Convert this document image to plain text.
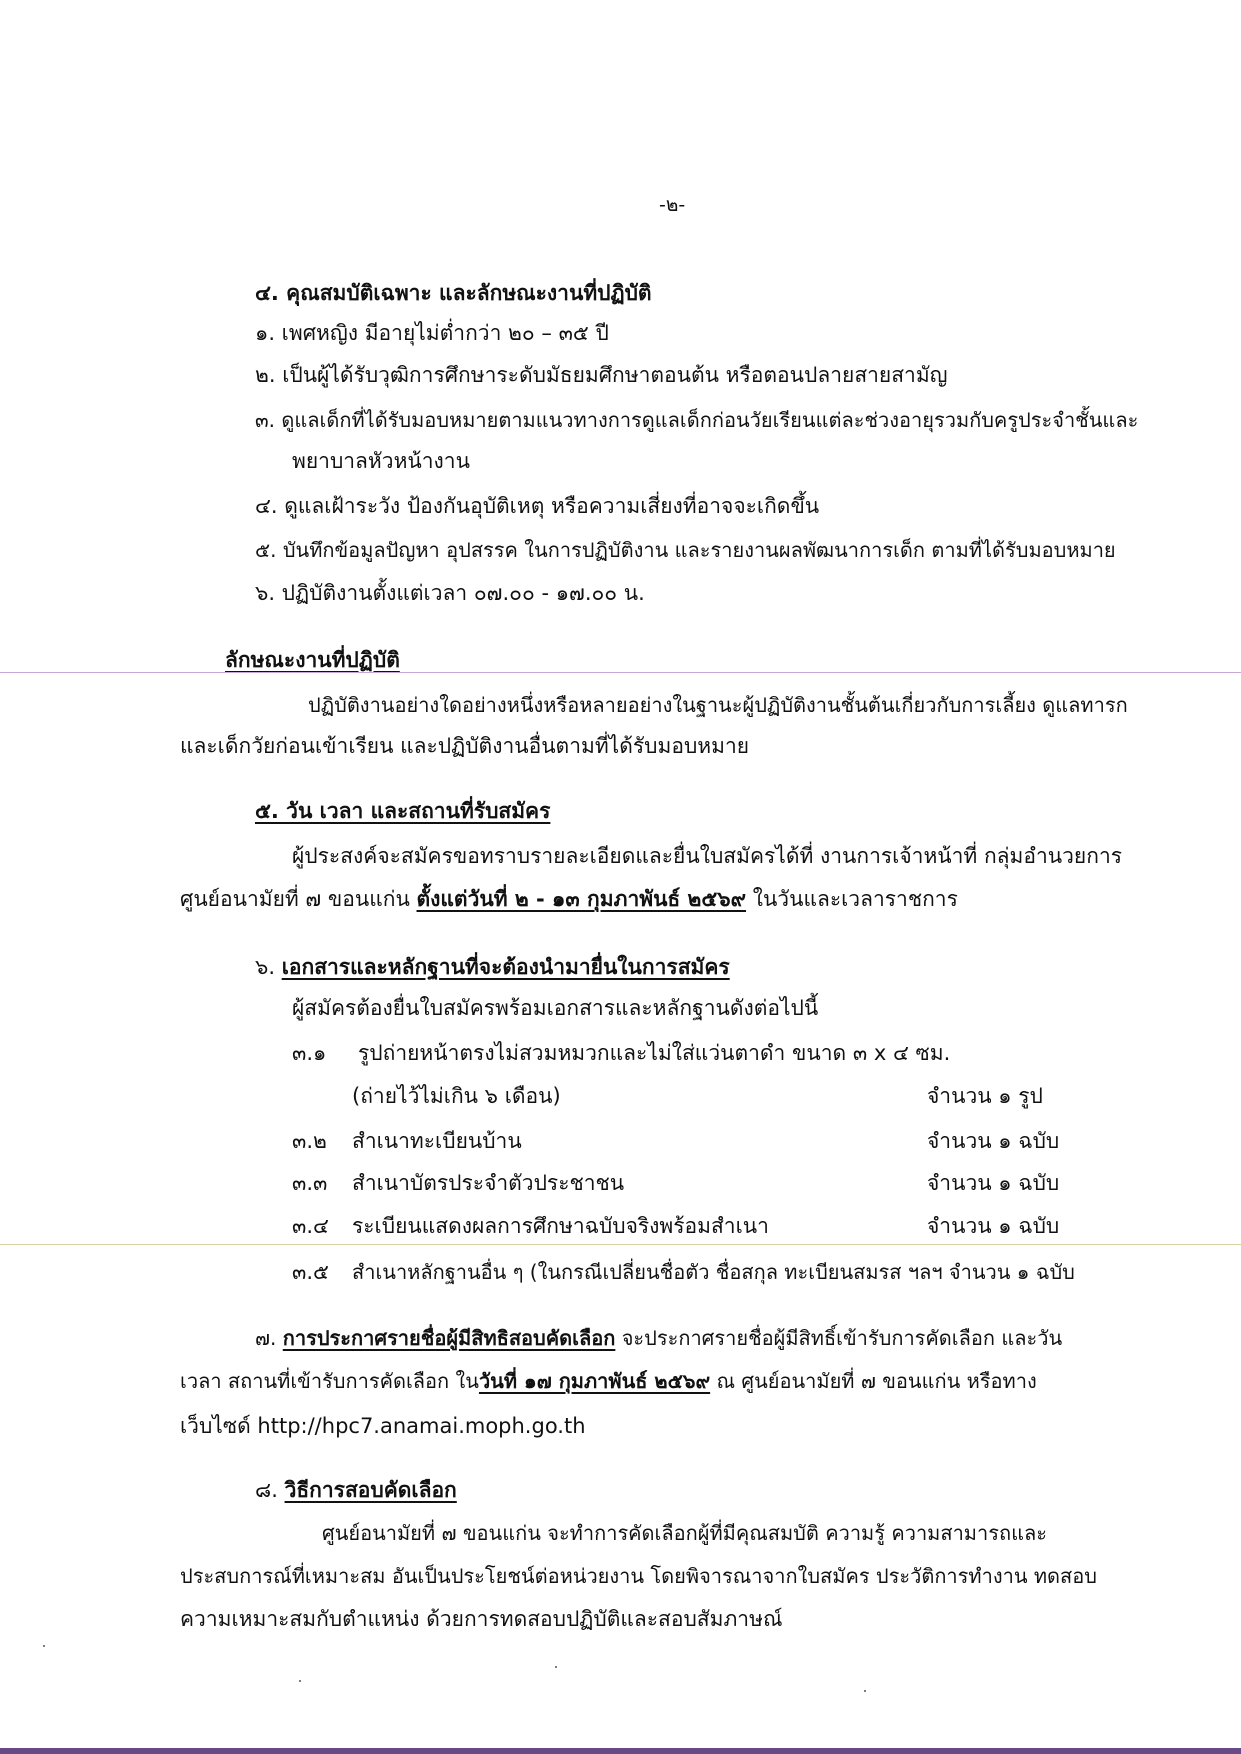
-๒-
๔. คุณสมบัติเฉพาะ และลักษณะงานที่ปฏิบัติ
๑. เพศหญิง มีอายุไม่ต่ำกว่า ๒๐ – ๓๕ ปี
๒. เป็นผู้ได้รับวุฒิการศึกษาระดับมัธยมศึกษาตอนต้น หรือตอนปลายสายสามัญ
๓. ดูแลเด็กที่ได้รับมอบหมายตามแนวทางการดูแลเด็กก่อนวัยเรียนแต่ละช่วงอายุรวมกับครูประจำชั้นและ
พยาบาลหัวหน้างาน
๔. ดูแลเฝ้าระวัง ป้องกันอุบัติเหตุ หรือความเสี่ยงที่อาจจะเกิดขึ้น
๕. บันทึกข้อมูลปัญหา อุปสรรค ในการปฏิบัติงาน และรายงานผลพัฒนาการเด็ก ตามที่ได้รับมอบหมาย
๖. ปฏิบัติงานตั้งแต่เวลา ๐๗.๐๐ - ๑๗.๐๐ น.
ลักษณะงานที่ปฏิบัติ
ปฏิบัติงานอย่างใดอย่างหนึ่งหรือหลายอย่างในฐานะผู้ปฏิบัติงานชั้นต้นเกี่ยวกับการเลี้ยง ดูแลทารก
และเด็กวัยก่อนเข้าเรียน และปฏิบัติงานอื่นตามที่ได้รับมอบหมาย
๕. วัน เวลา และสถานที่รับสมัคร
ผู้ประสงค์จะสมัครขอทราบรายละเอียดและยื่นใบสมัครได้ที่ งานการเจ้าหน้าที่ กลุ่มอำนวยการ
ศูนย์อนามัยที่ ๗ ขอนแก่น ตั้งแต่วันที่ ๒ - ๑๓ กุมภาพันธ์ ๒๕๖๙ ในวันและเวลาราชการ
๖. เอกสารและหลักฐานที่จะต้องนำมายื่นในการสมัคร
ผู้สมัครต้องยื่นใบสมัครพร้อมเอกสารและหลักฐานดังต่อไปนี้
๓.๑ รูปถ่ายหน้าตรงไม่สวมหมวกและไม่ใส่แว่นตาดำ ขนาด ๓ x ๔ ซม.
(ถ่ายไว้ไม่เกิน ๖ เดือน)	จำนวน ๑ รูป
๓.๒ สำเนาทะเบียนบ้าน	จำนวน ๑ ฉบับ
๓.๓ สำเนาบัตรประจำตัวประชาชน	จำนวน ๑ ฉบับ
๓.๔ ระเบียนแสดงผลการศึกษาฉบับจริงพร้อมสำเนา	จำนวน ๑ ฉบับ
๓.๕ สำเนาหลักฐานอื่น ๆ (ในกรณีเปลี่ยนชื่อตัว ชื่อสกุล ทะเบียนสมรส ฯลฯ จำนวน ๑ ฉบับ
๗. การประกาศรายชื่อผู้มีสิทธิสอบคัดเลือก จะประกาศรายชื่อผู้มีสิทธิ์เข้ารับการคัดเลือก และวัน
เวลา สถานที่เข้ารับการคัดเลือก ในวันที่ ๑๗ กุมภาพันธ์ ๒๕๖๙ ณ ศูนย์อนามัยที่ ๗ ขอนแก่น หรือทาง
เว็บไซด์ http://hpc7.anamai.moph.go.th
๘. วิธีการสอบคัดเลือก
ศูนย์อนามัยที่ ๗ ขอนแก่น จะทำการคัดเลือกผู้ที่มีคุณสมบัติ ความรู้ ความสามารถและ
ประสบการณ์ที่เหมาะสม อันเป็นประโยชน์ต่อหน่วยงาน โดยพิจารณาจากใบสมัคร ประวัติการทำงาน ทดสอบ
ความเหมาะสมกับตำแหน่ง ด้วยการทดสอบปฏิบัติและสอบสัมภาษณ์
